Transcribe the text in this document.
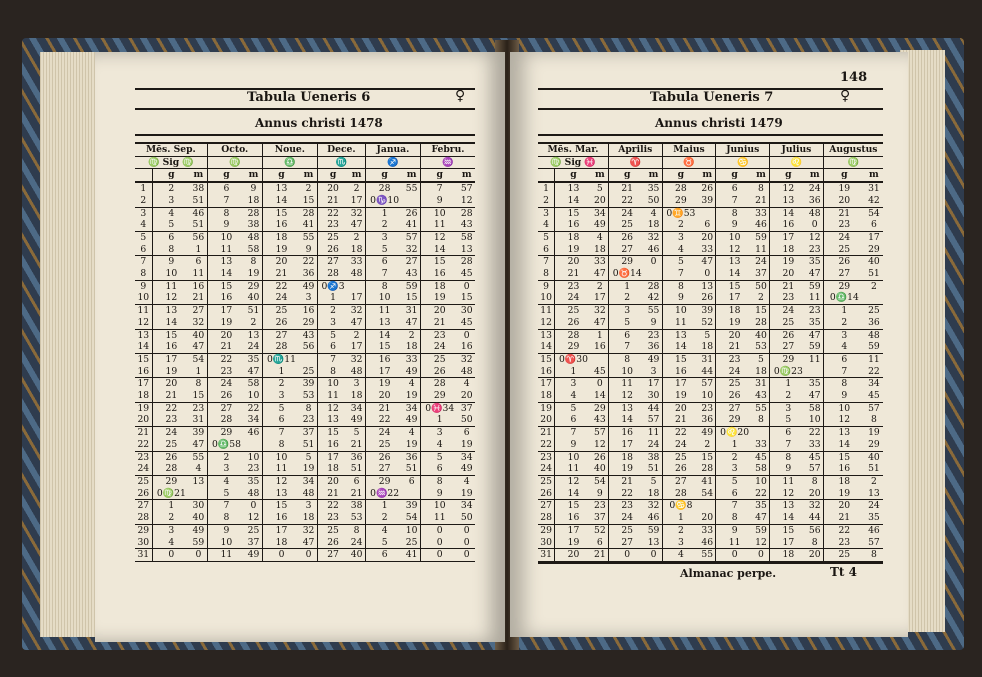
Tabula Ueneris 6	♀
Annus christi 1478
Mēs. Sep.			Octo.		Noue.		Dece.		Janua.		Febru.	
♍ Sig ♍			♍		♎		♏		♐		♒	
	g	m	g	m	g	m	g	m	g	m	g	m
1	2	38	6	9	13	2	20	2	28	55	7	57
2	3	51	7	18	14	15	21	17	0♑10		9	12
3	4	46	8	28	15	28	22	32	1	26	10	28
4	5	51	9	38	16	41	23	47	2	41	11	43
5	6	56	10	48	18	55	25	2	3	57	12	58
6	8	1	11	58	19	9	26	18	5	32	14	13
7	9	6	13	8	20	22	27	33	6	27	15	28
8	10	11	14	19	21	36	28	48	7	43	16	45
9	11	16	15	29	22	49	0♐3		8	59	18	0
10	12	21	16	40	24	3	1	17	10	15	19	15
11	13	27	17	51	25	16	2	32	11	31	20	30
12	14	32	19	2	26	29	3	47	13	47	21	45
13	15	40	20	13	27	43	5	2	14	2	23	0
14	16	47	21	24	28	56	6	17	15	18	24	16
15	17	54	22	35	0♏11		7	32	16	33	25	32
16	19	1	23	47	1	25	8	48	17	49	26	48
17	20	8	24	58	2	39	10	3	19	4	28	4
18	21	15	26	10	3	53	11	18	20	19	29	20
19	22	23	27	22	5	8	12	34	21	34	0♓34	37
20	23	31	28	34	6	23	13	49	22	49	1	50
21	24	39	29	46	7	37	15	5	24	4	3	6
22	25	47	0♎58		8	51	16	21	25	19	4	19
23	26	55	2	10	10	5	17	36	26	36	5	34
24	28	4	3	23	11	19	18	51	27	51	6	49
25	29	13	4	35	12	34	20	6	29	6	8	4
26	0♍21		5	48	13	48	21	21	0♒22		9	19
27	1	30	7	0	15	3	22	38	1	39	10	34
28	2	40	8	12	16	18	23	53	2	54	11	50
29	3	49	9	25	17	32	25	8	4	10	0	0
30	4	59	10	37	18	47	26	24	5	25	0	0
31	0	0	11	49	0	0	27	40	6	41	0	0
148
Tabula Ueneris 7	♀
Annus christi 1479
Mēs. Mar.			Aprilis		Maius		Junius		Julius		Augustus	
♍ Sig ♓			♈		♉		♋		♌		♍	
	g	m	g	m	g	m	g	m	g	m	g	m
1	13	5	21	35	28	26	6	8	12	24	19	31
2	14	20	22	50	29	39	7	21	13	36	20	42
3	15	34	24	4	0♊53		8	33	14	48	21	54
4	16	49	25	18	2	6	9	46	16	0	23	6
5	18	4	26	32	3	20	10	59	17	12	24	17
6	19	18	27	46	4	33	12	11	18	23	25	29
7	20	33	29	0	5	47	13	24	19	35	26	40
8	21	47	0♉14		7	0	14	37	20	47	27	51
9	23	2	1	28	8	13	15	50	21	59	29	2
10	24	17	2	42	9	26	17	2	23	11	0♎14	
11	25	32	3	55	10	39	18	15	24	23	1	25
12	26	47	5	9	11	52	19	28	25	35	2	36
13	28	1	6	23	13	5	20	40	26	47	3	48
14	29	16	7	36	14	18	21	53	27	59	4	59
15	0♈30		8	49	15	31	23	5	29	11	6	11
16	1	45	10	3	16	44	24	18	0♍23		7	22
17	3	0	11	17	17	57	25	31	1	35	8	34
18	4	14	12	30	19	10	26	43	2	47	9	45
19	5	29	13	44	20	23	27	55	3	58	10	57
20	6	43	14	57	21	36	29	8	5	10	12	8
21	7	57	16	11	22	49	0♌20		6	22	13	19
22	9	12	17	24	24	2	1	33	7	33	14	29
23	10	26	18	38	25	15	2	45	8	45	15	40
24	11	40	19	51	26	28	3	58	9	57	16	51
25	12	54	21	5	27	41	5	10	11	8	18	2
26	14	9	22	18	28	54	6	22	12	20	19	13
27	15	23	23	32	0♋8		7	35	13	32	20	24
28	16	37	24	46	1	20	8	47	14	44	21	35
29	17	52	25	59	2	33	9	59	15	56	22	46
30	19	6	27	13	3	46	11	12	17	8	23	57
31	20	21	0	0	4	55	0	0	18	20	25	8
Almanac perpe.	Tt 4
